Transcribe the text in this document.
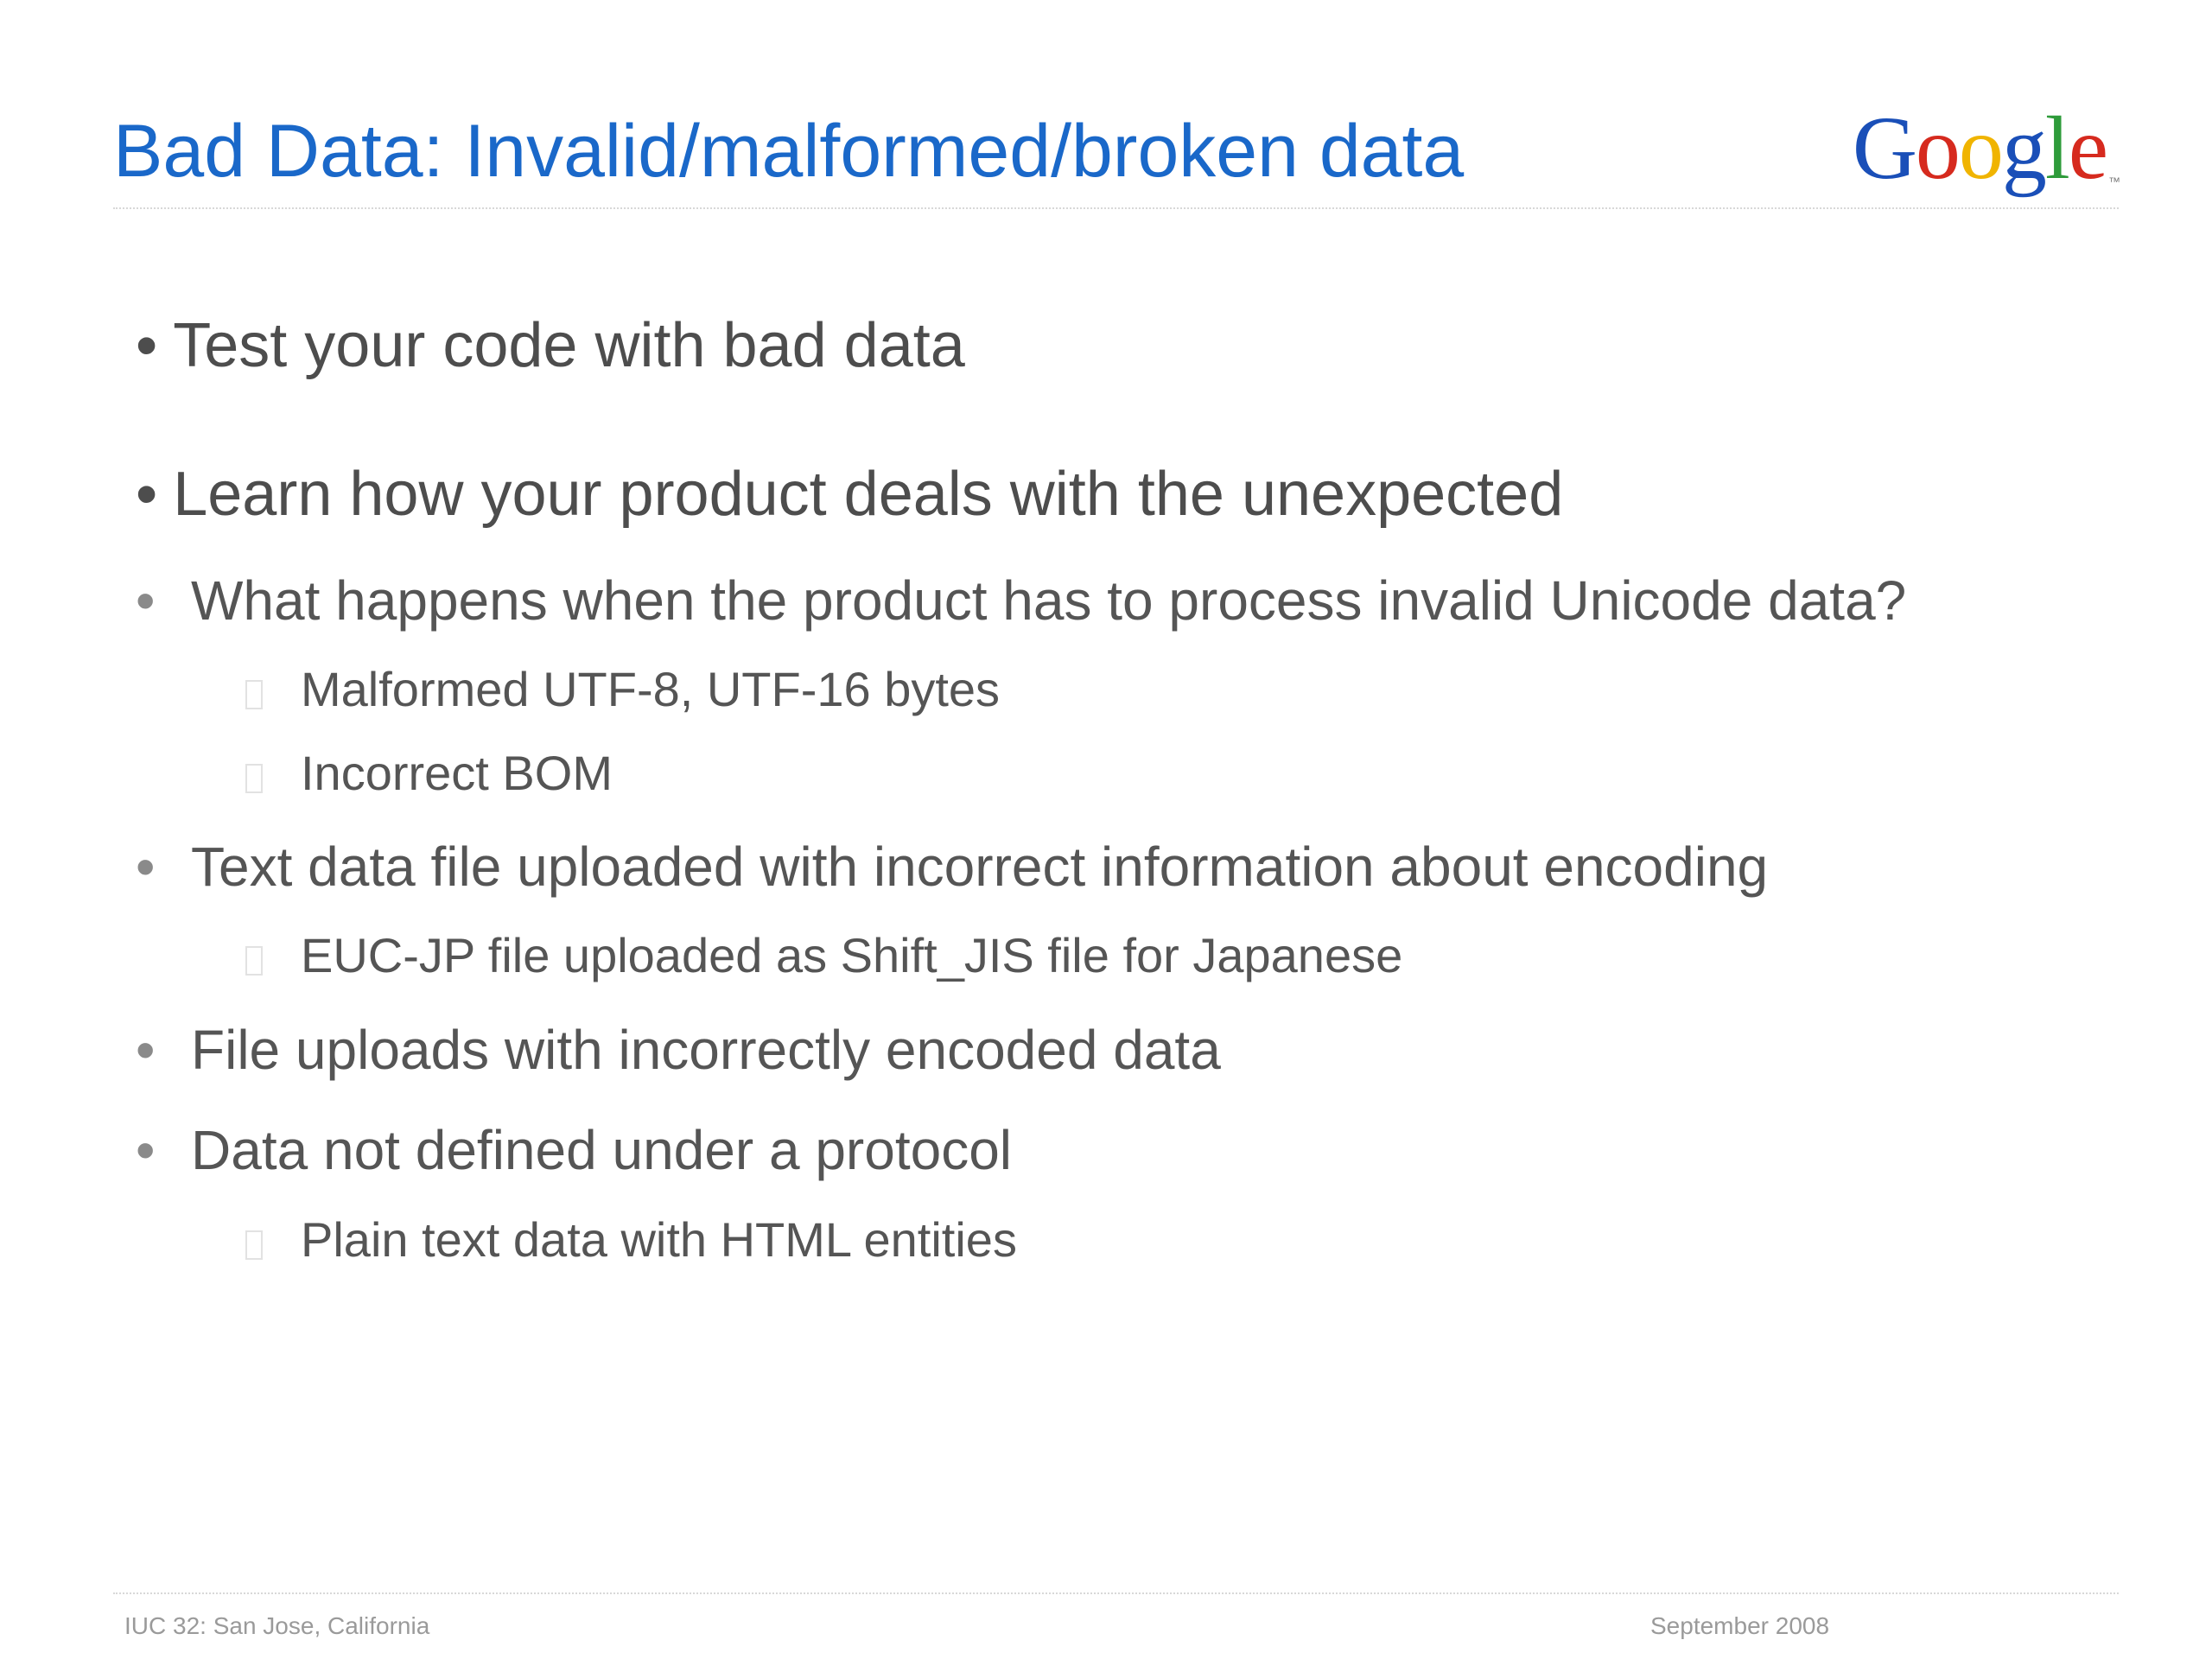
Bad Data: Invalid/malformed/broken data	Google ™
• Test your code with bad data
• Learn how your product deals with the unexpected
• What happens when the product has to process invalid Unicode data?
Malformed UTF-8, UTF-16 bytes
Incorrect BOM
• Text data file uploaded with incorrect information about encoding
EUC-JP file uploaded as Shift_JIS file for Japanese
• File uploads with incorrectly encoded data
• Data not defined under a protocol
Plain text data with HTML entities
IUC 32: San Jose, California	September 2008
